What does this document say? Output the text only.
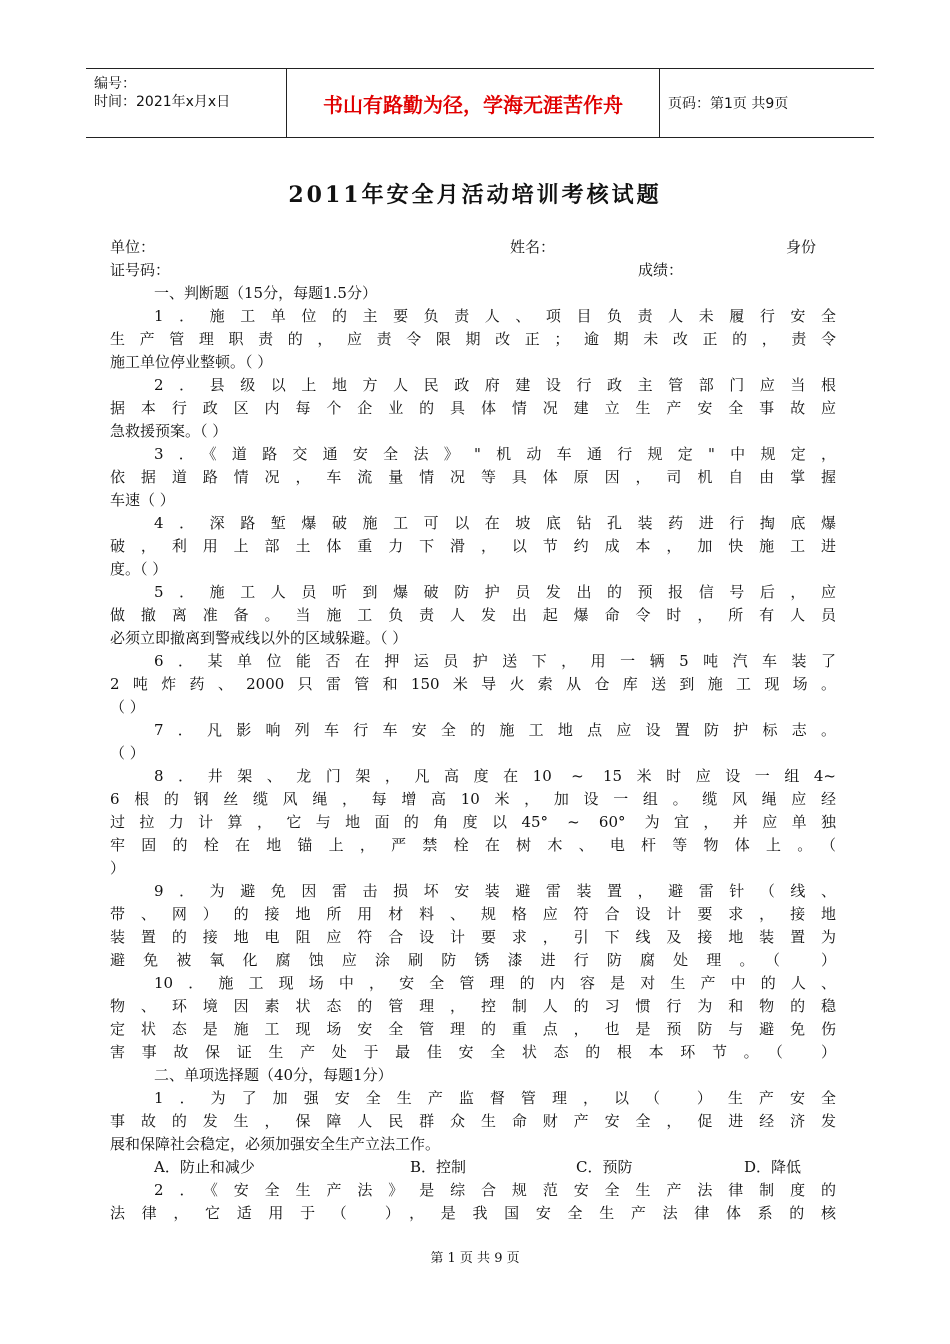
编号：
时间：2021年x月x日	书山有路勤为径，学海无涯苦作舟	页码：第1页 共9页
2011年安全月活动培训考核试题
单位：	姓名：	身份
证号码：	成绩：
一、判断题（15分，每题1.5分）
1．施工单位的主要负责人、项目负责人未履行安全
生产管理职责的，应责令限期改正；逾期未改正的，责令
施工单位停业整顿。（ ）
2．县级以上地方人民政府建设行政主管部门应当根
据本行政区内每个企业的具体情况建立生产安全事故应
急救援预案。（ ）
3．《道路交通安全法》"机动车通行规定"中规定，
依据道路情况，车流量情况等具体原因，司机自由掌握
车速（ ）
4．深路堑爆破施工可以在坡底钻孔装药进行掏底爆
破，利用上部土体重力下滑，以节约成本，加快施工进
度。（ ）
5．施工人员听到爆破防护员发出的预报信号后，应
做撤离准备。当施工负责人发出起爆命令时，所有人员
必须立即撤离到警戒线以外的区域躲避。（ ）
6．某单位能否在押运员护送下，用一辆5吨汽车装了
2吨炸药、2000只雷管和150米导火索从仓库送到施工现场。
（ ）
7．凡影响列车行车安全的施工地点应设置防护标志。
（ ）
8．井架、龙门架，凡高度在10 ~ 15米时应设一组4~
6根的钢丝缆风绳，每增高10米，加设一组。缆风绳应经
过拉力计算，它与地面的角度以45° ~ 60° 为宜，并应单独
牢固的栓在地锚上，严禁栓在树木、电杆等物体上。（
）
9．为避免因雷击损坏安装避雷装置，避雷针（线、
带、网）的接地所用材料、规格应符合设计要求，接地
装置的接地电阻应符合设计要求，引下线及接地装置为
避免被氧化腐蚀应涂刷防锈漆进行防腐处理。（ ）
10．施工现场中，安全管理的内容是对生产中的人、
物、环境因素状态的管理，控制人的习惯行为和物的稳
定状态是施工现场安全管理的重点，也是预防与避免伤
害事故保证生产处于最佳安全状态的根本环节。（ ）
二、单项选择题（40分，每题1分）
1．为了加强安全生产监督管理，以（ ）生产安全
事故的发生，保障人民群众生命财产安全，促进经济发
展和保障社会稳定，必须加强安全生产立法工作。
A．防止和减少	B．控制	C．预防	D．降低
2．《安全生产法》是综合规范安全生产法律制度的
法律，它适用于（ ），是我国安全生产法律体系的核
第 1 页 共 9 页
